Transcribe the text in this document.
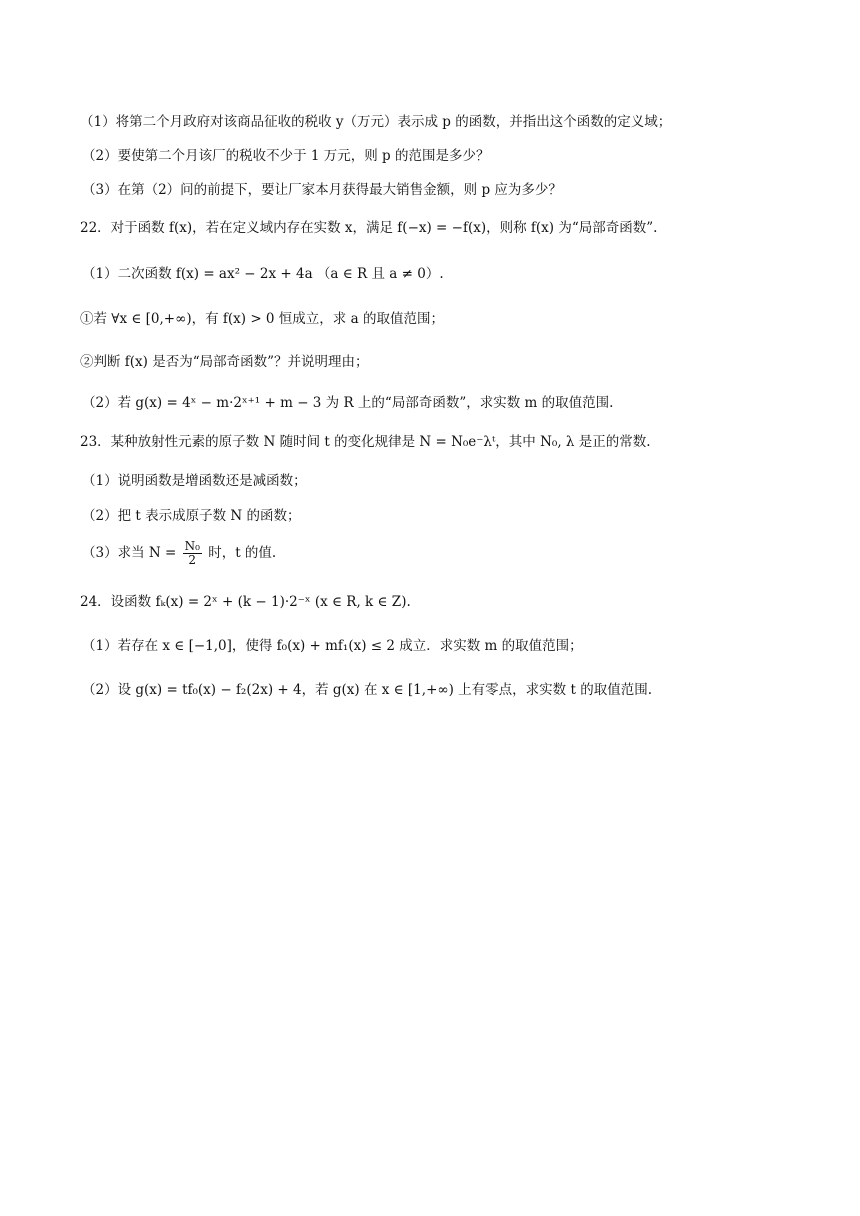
（1）将第二个月政府对该商品征收的税收 y（万元）表示成 p 的函数，并指出这个函数的定义域；
（2）要使第二个月该厂的税收不少于 1 万元，则 p 的范围是多少？
（3）在第（2）问的前提下，要让厂家本月获得最大销售金额，则 p 应为多少？
22．对于函数 f(x)，若在定义域内存在实数 x，满足 f(−x) = −f(x)，则称 f(x) 为“局部奇函数”.
（1）二次函数 f(x) = ax² − 2x + 4a （a ∈ R 且 a ≠ 0）.
①若 ∀x ∈ [0,+∞)，有 f(x) > 0 恒成立，求 a 的取值范围；
②判断 f(x) 是否为“局部奇函数”？并说明理由；
（2）若 g(x) = 4ˣ − m·2ˣ⁺¹ + m − 3 为 R 上的“局部奇函数”，求实数 m 的取值范围.
23．某种放射性元素的原子数 N 随时间 t 的变化规律是 N = N₀e⁻λᵗ，其中 N₀, λ 是正的常数.
（1）说明函数是增函数还是减函数；
（2）把 t 表示成原子数 N 的函数；
（3）求当 $N = \frac{\text{N₀}}{2}$ 时，t 的值.
24．设函数 fₖ(x) = 2ˣ + (k − 1)·2⁻ˣ (x ∈ R, k ∈ Z).
（1）若存在 x ∈ [−1,0]，使得 f₀(x) + mf₁(x) ≤ 2 成立．求实数 m 的取值范围；
（2）设 g(x) = tf₀(x) − f₂(2x) + 4，若 g(x) 在 x ∈ [1,+∞) 上有零点，求实数 t 的取值范围.
